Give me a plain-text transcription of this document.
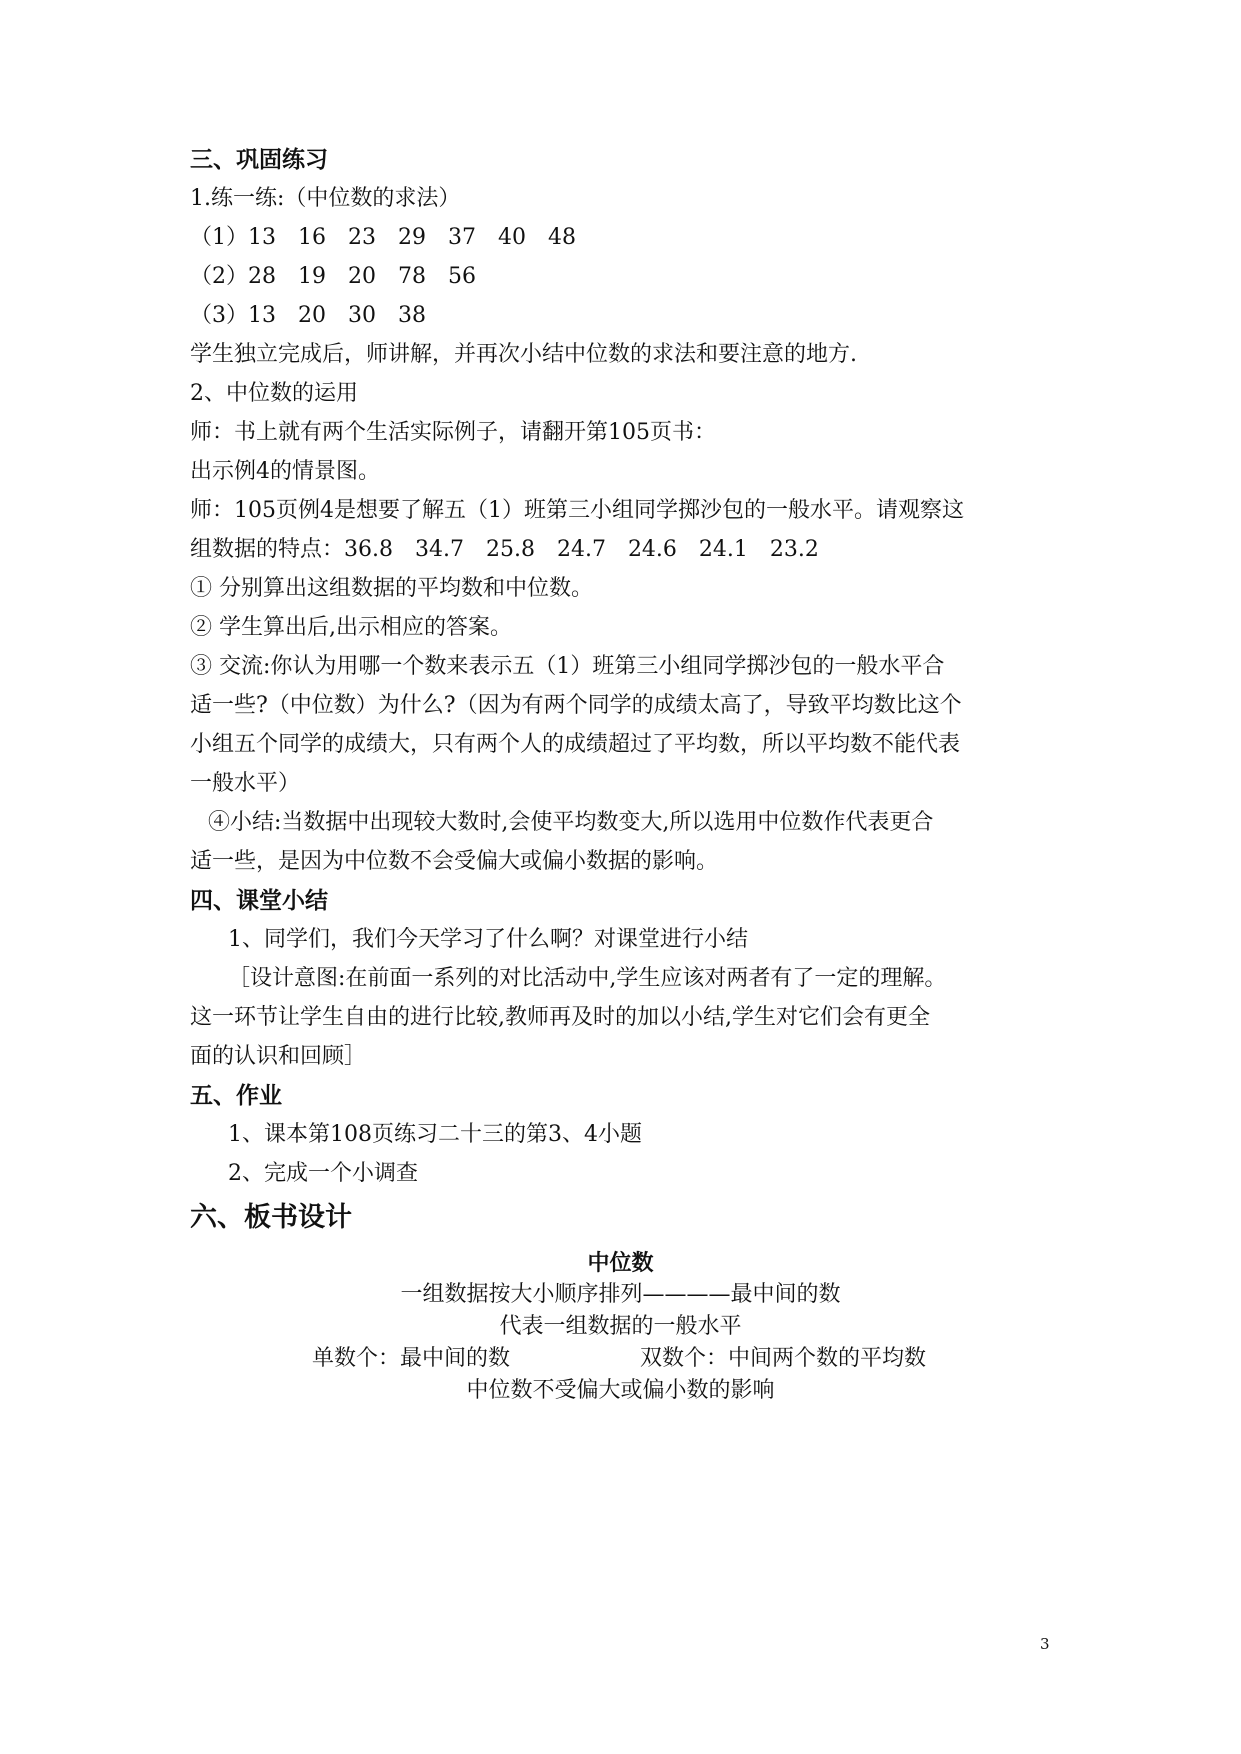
三、巩固练习
1.练一练:（中位数的求法）
（1）13　16　23　29　37　40　48
（2）28　19　20　78　56
（3）13　20　30　38
学生独立完成后，师讲解，并再次小结中位数的求法和要注意的地方.
2、中位数的运用
师：书上就有两个生活实际例子，请翻开第105页书：
出示例4的情景图。
师：105页例4是想要了解五（1）班第三小组同学掷沙包的一般水平。请观察这
组数据的特点：36.8　34.7　25.8　24.7　24.6　24.1　23.2
① 分别算出这组数据的平均数和中位数。
② 学生算出后,出示相应的答案。
③ 交流:你认为用哪一个数来表示五（1）班第三小组同学掷沙包的一般水平合
适一些?（中位数）为什么?（因为有两个同学的成绩太高了，导致平均数比这个
小组五个同学的成绩大，只有两个人的成绩超过了平均数，所以平均数不能代表
一般水平）
④小结:当数据中出现较大数时,会使平均数变大,所以选用中位数作代表更合
适一些，是因为中位数不会受偏大或偏小数据的影响。
四、课堂小结
1、同学们，我们今天学习了什么啊？对课堂进行小结
［设计意图:在前面一系列的对比活动中,学生应该对两者有了一定的理解。
这一环节让学生自由的进行比较,教师再及时的加以小结,学生对它们会有更全
面的认识和回顾］
五、作业
1、课本第108页练习二十三的第3、4小题
2、完成一个小调查
六、板书设计
中位数
一组数据按大小顺序排列————最中间的数
代表一组数据的一般水平
单数个：最中间的数	双数个：中间两个数的平均数
中位数不受偏大或偏小数的影响
3
